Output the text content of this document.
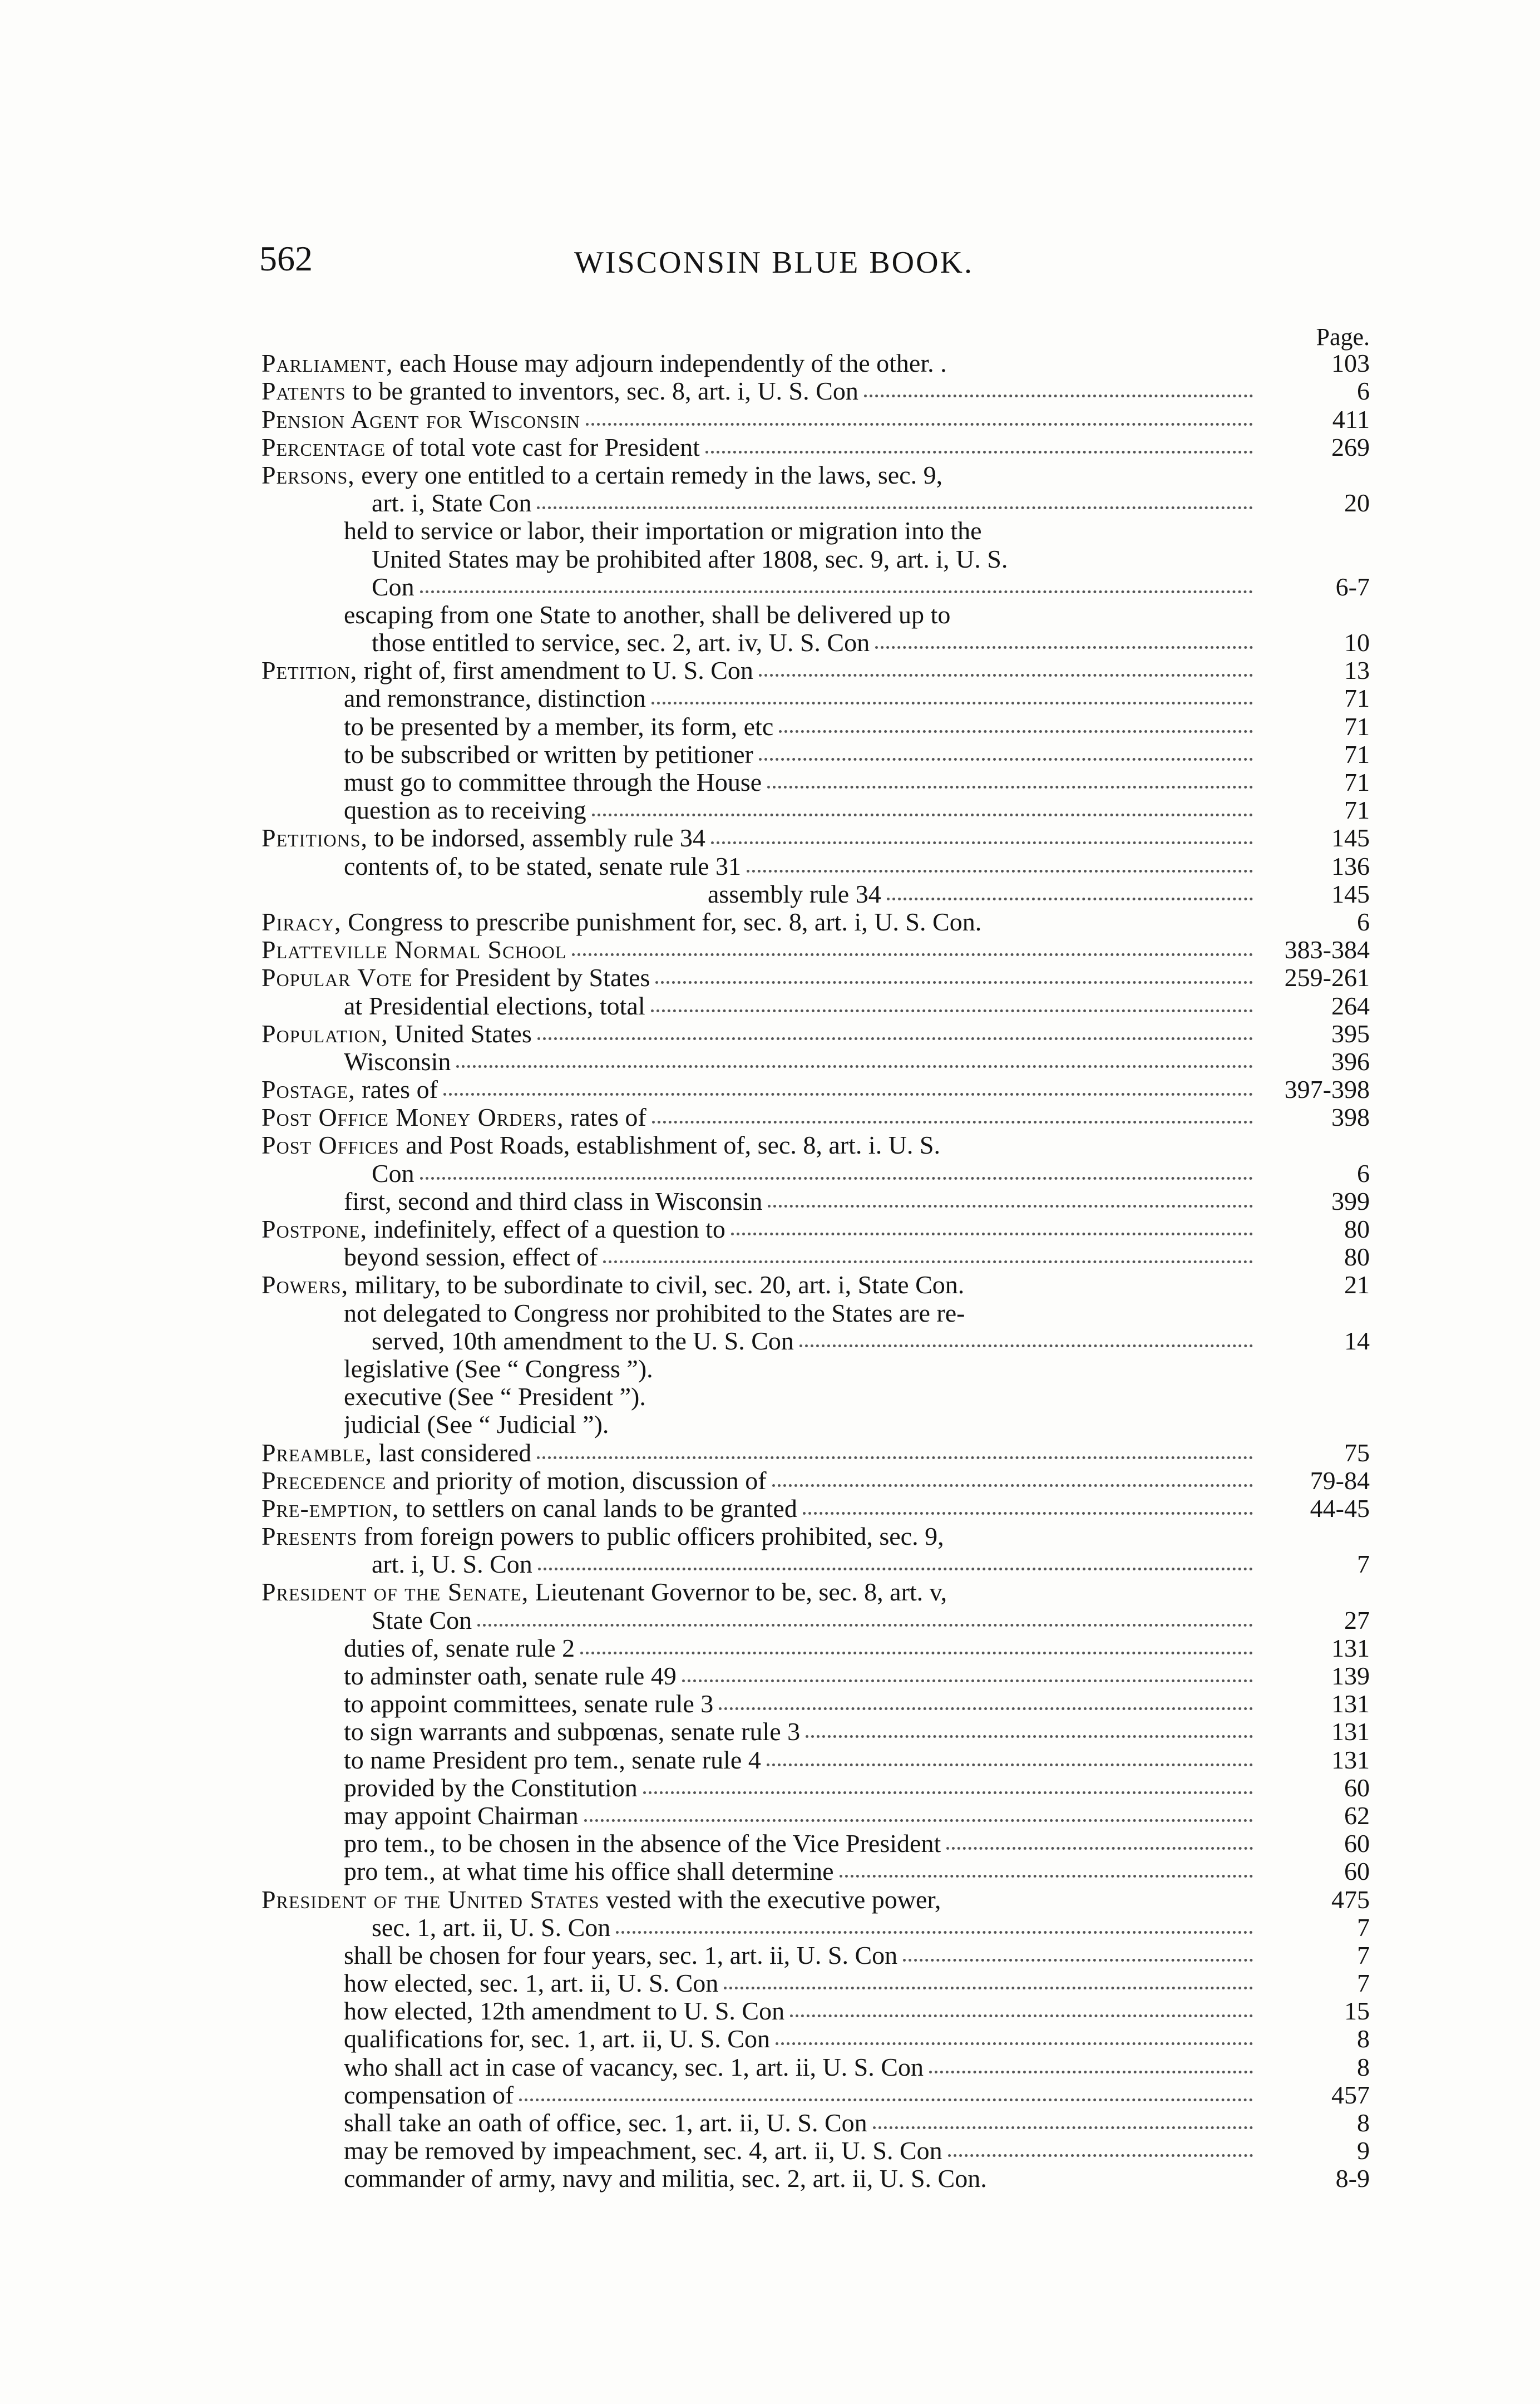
562	WISCONSIN BLUE BOOK.
Page.
Parliament, each House may adjourn independently of the other. .	103
Patents to be granted to inventors, sec. 8, art. i, U. S. Con	6
Pension Agent for Wisconsin	411
Percentage of total vote cast for President	269
Persons, every one entitled to a certain remedy in the laws, sec. 9,
art. i, State Con	20
held to service or labor, their importation or migration into the
United States may be prohibited after 1808, sec. 9, art. i, U. S.
Con	6-7
escaping from one State to another, shall be delivered up to
those entitled to service, sec. 2, art. iv, U. S. Con	10
Petition, right of, first amendment to U. S. Con	13
and remonstrance, distinction	71
to be presented by a member, its form, etc	71
to be subscribed or written by petitioner	71
must go to committee through the House	71
question as to receiving	71
Petitions, to be indorsed, assembly rule 34	145
contents of, to be stated, senate rule 31	136
assembly rule 34	145
Piracy, Congress to prescribe punishment for, sec. 8, art. i, U. S. Con.	6
Platteville Normal School	383-384
Popular Vote for President by States	259-261
at Presidential elections, total	264
Population, United States	395
Wisconsin	396
Postage, rates of	397-398
Post Office Money Orders, rates of	398
Post Offices and Post Roads, establishment of, sec. 8, art. i. U. S.
Con	6
first, second and third class in Wisconsin	399
Postpone, indefinitely, effect of a question to	80
beyond session, effect of	80
Powers, military, to be subordinate to civil, sec. 20, art. i, State Con.	21
not delegated to Congress nor prohibited to the States are re-
served, 10th amendment to the U. S. Con	14
legislative (See “ Congress ”).
executive (See “ President ”).
judicial (See “ Judicial ”).
Preamble, last considered	75
Precedence and priority of motion, discussion of	79-84
Pre-emption, to settlers on canal lands to be granted	44-45
Presents from foreign powers to public officers prohibited, sec. 9,
art. i, U. S. Con	7
President of the Senate, Lieutenant Governor to be, sec. 8, art. v,
State Con	27
duties of, senate rule 2	131
to adminster oath, senate rule 49	139
to appoint committees, senate rule 3	131
to sign warrants and subpœnas, senate rule 3	131
to name President pro tem., senate rule 4	131
provided by the Constitution	60
may appoint Chairman	62
pro tem., to be chosen in the absence of the Vice President	60
pro tem., at what time his office shall determine	60
President of the United States vested with the executive power,	475
sec. 1, art. ii, U. S. Con	7
shall be chosen for four years, sec. 1, art. ii, U. S. Con	7
how elected, sec. 1, art. ii, U. S. Con	7
how elected, 12th amendment to U. S. Con	15
qualifications for, sec. 1, art. ii, U. S. Con	8
who shall act in case of vacancy, sec. 1, art. ii, U. S. Con	8
compensation of	457
shall take an oath of office, sec. 1, art. ii, U. S. Con	8
may be removed by impeachment, sec. 4, art. ii, U. S. Con	9
commander of army, navy and militia, sec. 2, art. ii, U. S. Con.	8-9
